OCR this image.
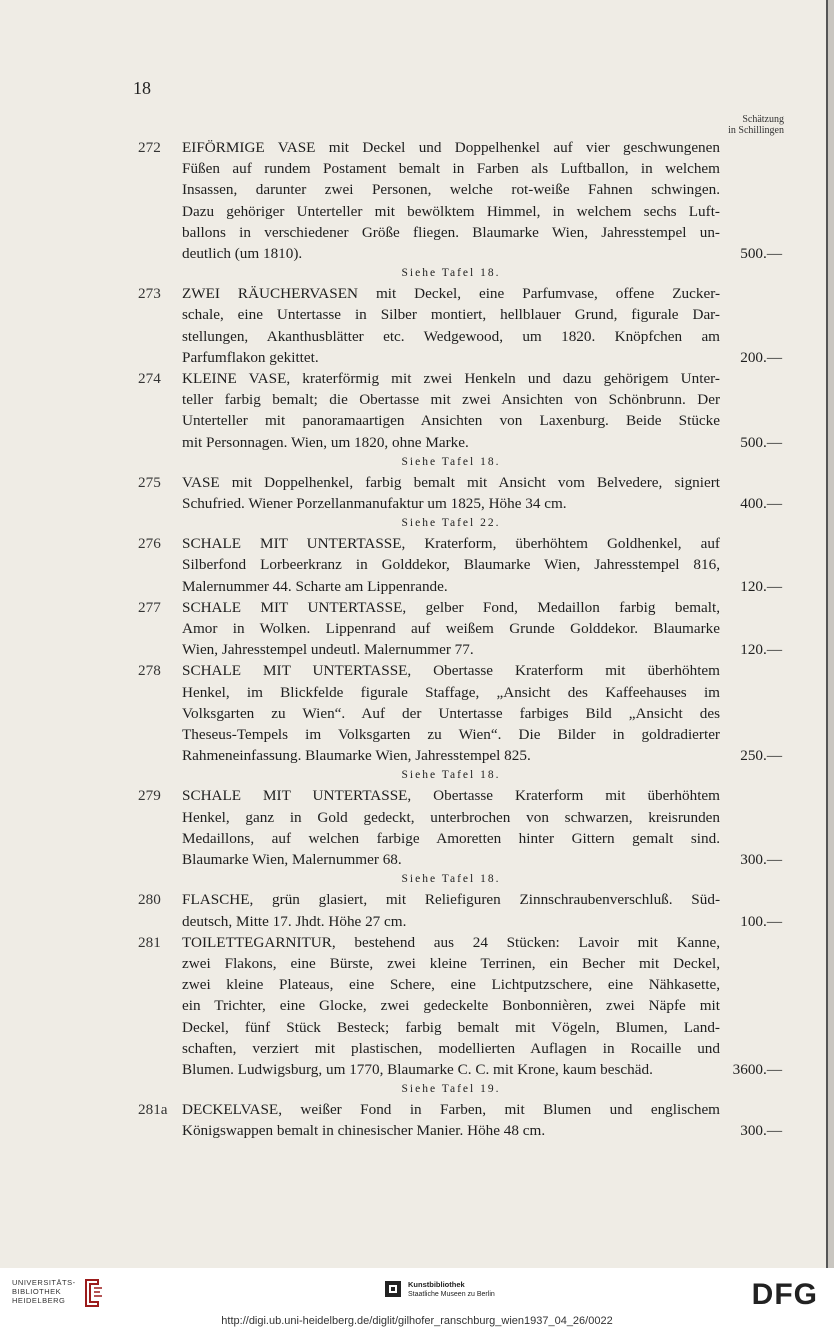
18
Schätzung
in Schillingen
272 EIFÖRMIGE VASE mit Deckel und Doppelhenkel auf vier geschwungenen
Füßen auf rundem Postament bemalt in Farben als Luftballon, in welchem
Insassen, darunter zwei Personen, welche rot-weiße Fahnen schwingen.
Dazu gehöriger Unterteller mit bewölktem Himmel, in welchem sechs Luft-
ballons in verschiedener Größe fliegen. Blaumarke Wien, Jahresstempel un-
deutlich (um 1810).	500.—
Siehe Tafel 18.
273 ZWEI RÄUCHERVASEN mit Deckel, eine Parfumvase, offene Zucker-
schale, eine Untertasse in Silber montiert, hellblauer Grund, figurale Dar-
stellungen, Akanthusblätter etc. Wedgewood, um 1820. Knöpfchen am
Parfumflakon gekittet.	200.—
274 KLEINE VASE, kraterförmig mit zwei Henkeln und dazu gehörigem Unter-
teller farbig bemalt; die Obertasse mit zwei Ansichten von Schönbrunn. Der
Unterteller mit panoramaartigen Ansichten von Laxenburg. Beide Stücke
mit Personnagen. Wien, um 1820, ohne Marke.	500.—
Siehe Tafel 18.
275 VASE mit Doppelhenkel, farbig bemalt mit Ansicht vom Belvedere, signiert
Schufried. Wiener Porzellanmanufaktur um 1825, Höhe 34 cm.	400.—
Siehe Tafel 22.
276 SCHALE MIT UNTERTASSE, Kraterform, überhöhtem Goldhenkel, auf
Silberfond Lorbeerkranz in Golddekor, Blaumarke Wien, Jahresstempel 816,
Malernummer 44. Scharte am Lippenrande.	120.—
277 SCHALE MIT UNTERTASSE, gelber Fond, Medaillon farbig bemalt,
Amor in Wolken. Lippenrand auf weißem Grunde Golddekor. Blaumarke
Wien, Jahresstempel undeutl. Malernummer 77.	120.—
278 SCHALE MIT UNTERTASSE, Obertasse Kraterform mit überhöhtem
Henkel, im Blickfelde figurale Staffage, „Ansicht des Kaffeehauses im
Volksgarten zu Wien“. Auf der Untertasse farbiges Bild „Ansicht des
Theseus-Tempels im Volksgarten zu Wien“. Die Bilder in goldradierter
Rahmeneinfassung. Blaumarke Wien, Jahresstempel 825.	250.—
Siehe Tafel 18.
279 SCHALE MIT UNTERTASSE, Obertasse Kraterform mit überhöhtem
Henkel, ganz in Gold gedeckt, unterbrochen von schwarzen, kreisrunden
Medaillons, auf welchen farbige Amoretten hinter Gittern gemalt sind.
Blaumarke Wien, Malernummer 68.	300.—
Siehe Tafel 18.
280 FLASCHE, grün glasiert, mit Reliefiguren Zinnschraubenverschluß. Süd-
deutsch, Mitte 17. Jhdt. Höhe 27 cm.	100.—
281 TOILETTEGARNITUR, bestehend aus 24 Stücken: Lavoir mit Kanne,
zwei Flakons, eine Bürste, zwei kleine Terrinen, ein Becher mit Deckel,
zwei kleine Plateaus, eine Schere, eine Lichtputzschere, eine Nähkasette,
ein Trichter, eine Glocke, zwei gedeckelte Bonbonnièren, zwei Näpfe mit
Deckel, fünf Stück Besteck; farbig bemalt mit Vögeln, Blumen, Land-
schaften, verziert mit plastischen, modellierten Auflagen in Rocaille und
Blumen. Ludwigsburg, um 1770, Blaumarke C. C. mit Krone, kaum beschäd.	3600.—
Siehe Tafel 19.
281a DECKELVASE, weißer Fond in Farben, mit Blumen und englischem
Königswappen bemalt in chinesischer Manier. Höhe 48 cm.	300.—
UNIVERSITÄTS-
BIBLIOTHEK
HEIDELBERG
Kunstbibliothek
Staatliche Museen zu Berlin	DFG
http://digi.ub.uni-heidelberg.de/diglit/gilhofer_ranschburg_wien1937_04_26/0022
